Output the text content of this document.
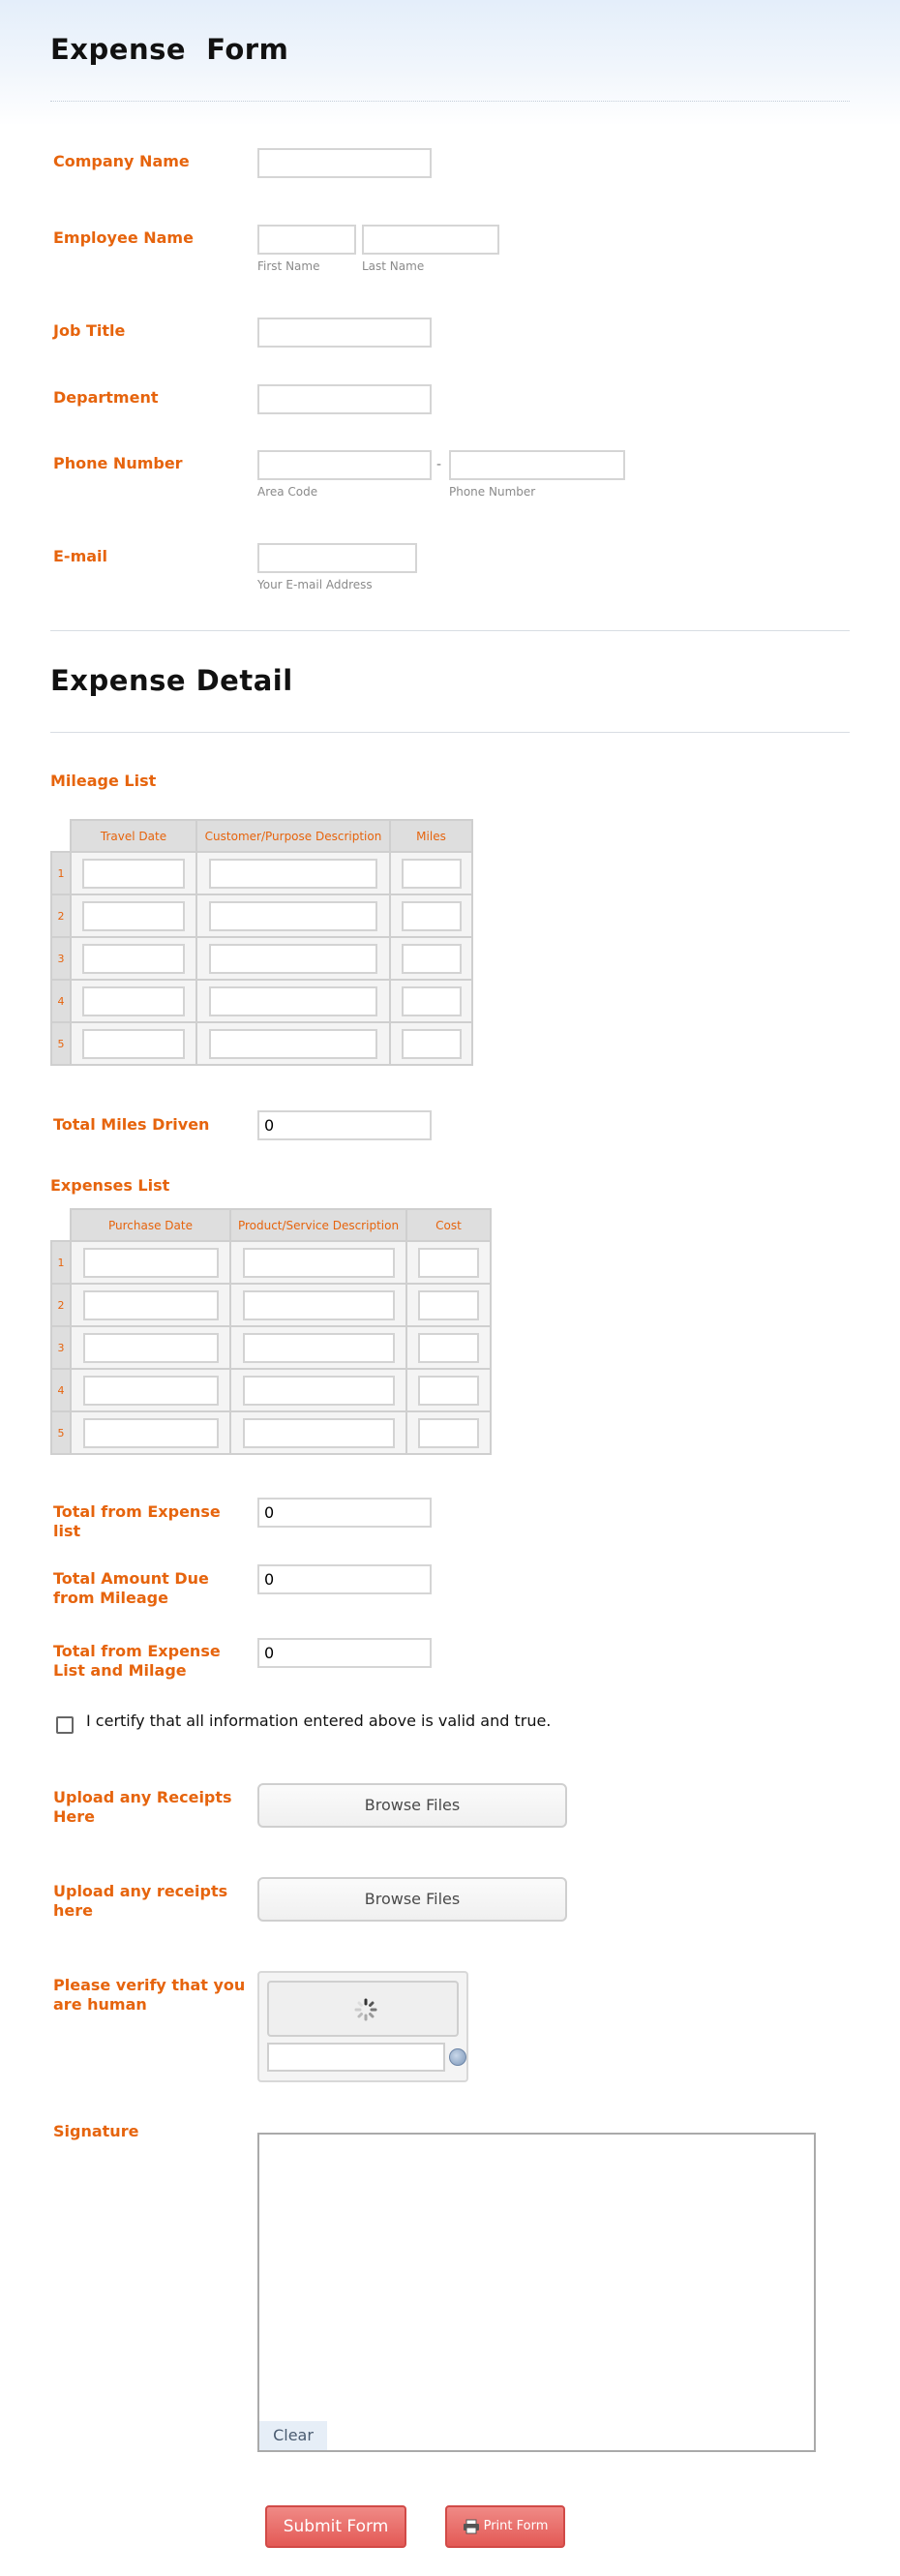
Expense  Form
Company Name
Employee Name
First Name	Last Name
Job Title
Department
Phone Number	-
Area Code	Phone Number
E-mail
Your E-mail Address
Expense Detail
Mileage List
	Travel Date	Customer/Purpose Description	Miles
1			
2			
3			
4			
5			
Total Miles Driven
0
Expenses List
	Purchase Date	Product/Service Description	Cost
1			
2			
3			
4			
5			
Total from Expense list
0
Total Amount Due from Mileage
0
Total from Expense List and Milage
0
I certify that all information entered above is valid and true.
Upload any Receipts Here
Browse Files
Upload any receipts here
Browse Files
Please verify that you are human
Signature
Clear
Submit Form	Print Form
